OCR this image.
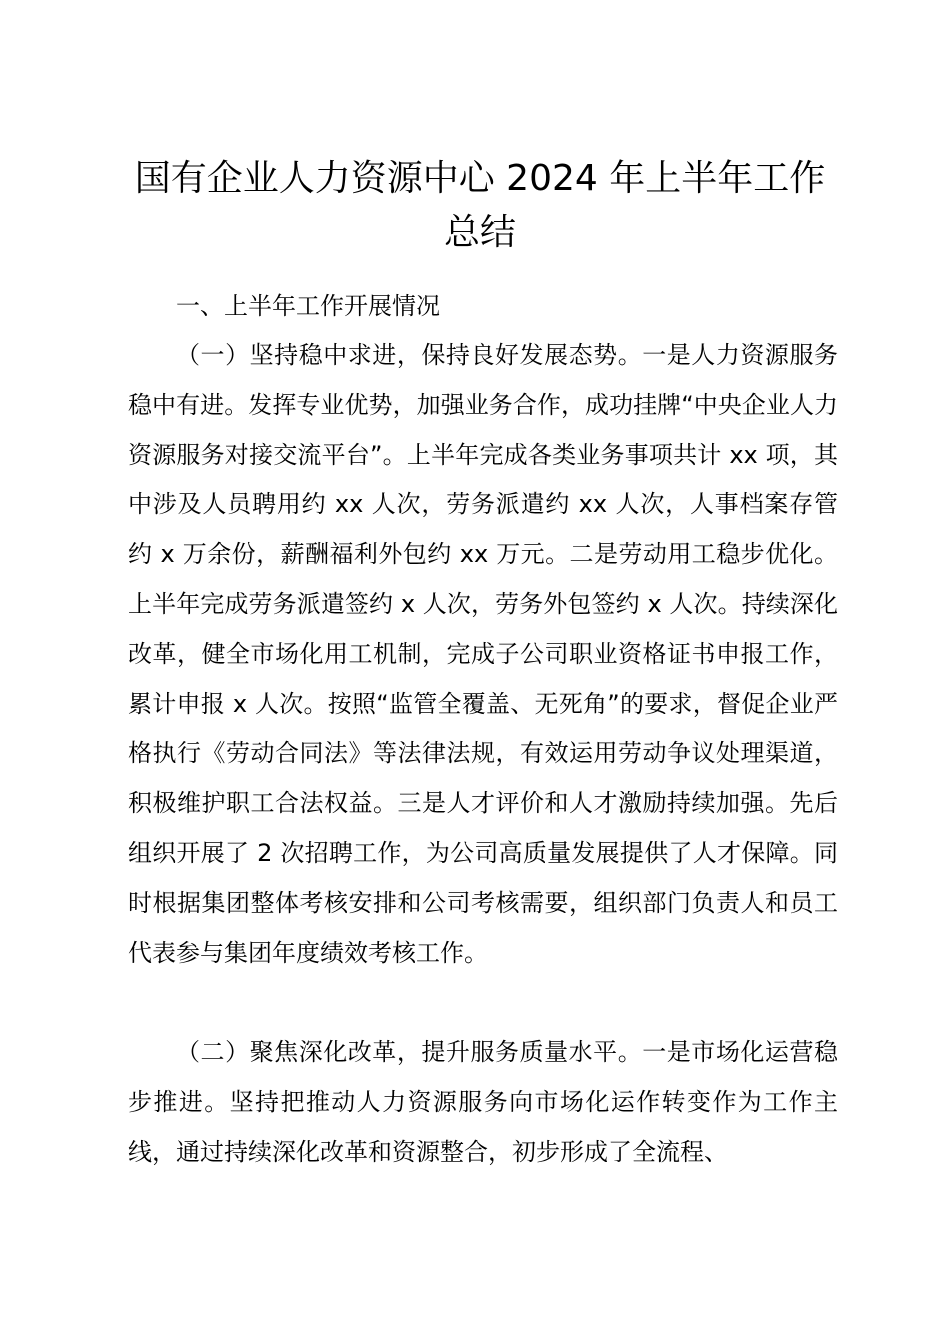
国有企业人力资源中心 2024 年上半年工作总结
一、上半年工作开展情况
（一）坚持稳中求进，保持良好发展态势。一是人力资源服务稳中有进。发挥专业优势，加强业务合作，成功挂牌“中央企业人力资源服务对接交流平台”。上半年完成各类业务事项共计 xx 项，其中涉及人员聘用约 xx 人次，劳务派遣约 xx 人次，人事档案存管约 x 万余份，薪酬福利外包约 xx 万元。二是劳动用工稳步优化。上半年完成劳务派遣签约 x 人次，劳务外包签约 x 人次。持续深化改革，健全市场化用工机制，完成子公司职业资格证书申报工作，累计申报 x 人次。按照“监管全覆盖、无死角”的要求，督促企业严格执行《劳动合同法》等法律法规，有效运用劳动争议处理渠道，积极维护职工合法权益。三是人才评价和人才激励持续加强。先后组织开展了 2 次招聘工作，为公司高质量发展提供了人才保障。同时根据集团整体考核安排和公司考核需要，组织部门负责人和员工代表参与集团年度绩效考核工作。
（二）聚焦深化改革，提升服务质量水平。一是市场化运营稳步推进。坚持把推动人力资源服务向市场化运作转变作为工作主线，通过持续深化改革和资源整合，初步形成了全流程、
